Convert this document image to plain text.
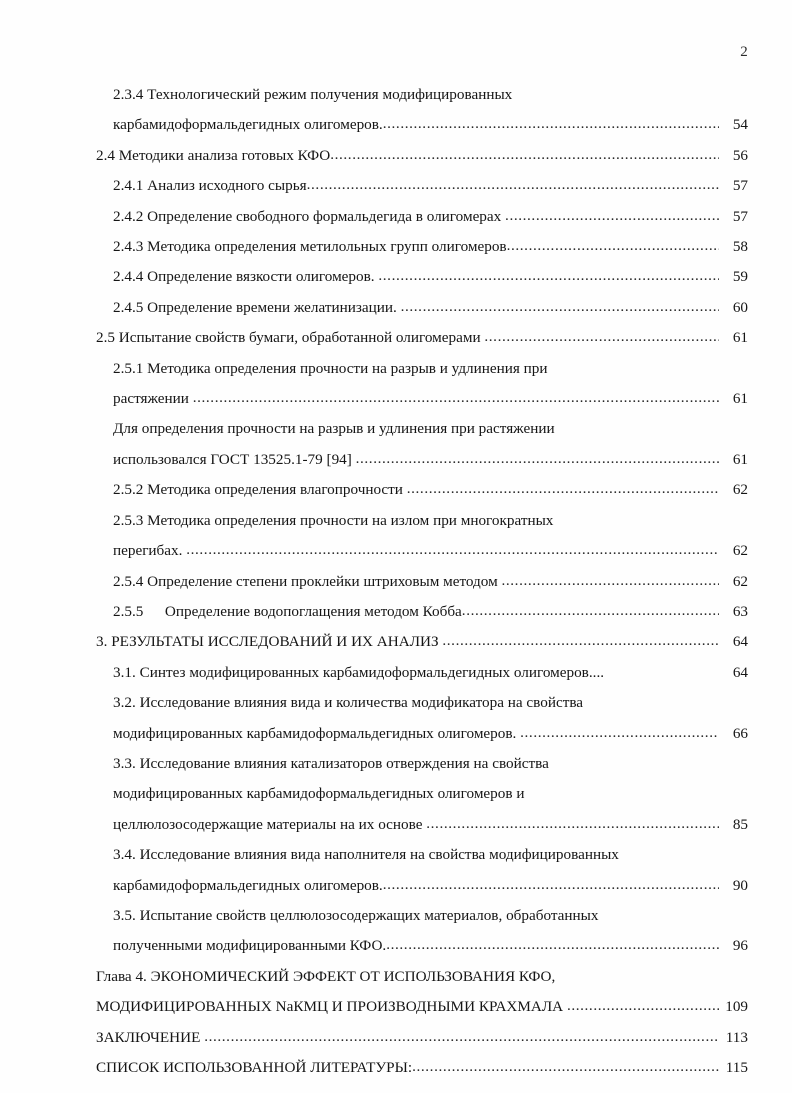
2
2.3.4 Технологический режим получения модифицированных
карбамидоформальдегидных олигомеров. .....	54
2.4 Методики анализа готовых КФО .....	56
2.4.1 Анализ исходного сырья .....	57
2.4.2 Определение свободного формальдегида в олигомерах .....	57
2.4.3 Методика определения метилольных групп олигомеров .....	58
2.4.4 Определение вязкости олигомеров. .....	59
2.4.5 Определение времени желатинизации. .....	60
2.5 Испытание свойств бумаги, обработанной олигомерами .....	61
2.5.1 Методика определения прочности на разрыв и удлинения при
растяжении .....	61
Для определения прочности на разрыв и удлинения при растяжении
использовался ГОСТ 13525.1-79 [94] .....	61
2.5.2 Методика определения влагопрочности .....	62
2.5.3 Методика определения прочности на излом при многократных
перегибах. .....	62
2.5.4 Определение степени проклейки штриховым методом .....	62
2.5.5 Определение водопоглащения методом Кобба .....	63
3. РЕЗУЛЬТАТЫ ИССЛЕДОВАНИЙ И ИХ АНАЛИЗ .....	64
3.1. Синтез модифицированных карбамидоформальдегидных олигомеров....	64
3.2. Исследование влияния вида и количества модификатора на свойства
модифицированных карбамидоформальдегидных олигомеров. .....	66
3.3. Исследование влияния катализаторов отверждения на свойства
модифицированных карбамидоформальдегидных олигомеров и
целлюлозосодержащие материалы на их основе .....	85
3.4. Исследование влияния вида наполнителя на свойства модифицированных
карбамидоформальдегидных олигомеров. .....	90
3.5. Испытание свойств целлюлозосодержащих материалов, обработанных
полученными модифицированными КФО. .....	96
Глава 4. ЭКОНОМИЧЕСКИЙ ЭФФЕКТ ОТ ИСПОЛЬЗОВАНИЯ КФО,
МОДИФИЦИРОВАННЫХ NaКМЦ И ПРОИЗВОДНЫМИ КРАХМАЛА .....	109
ЗАКЛЮЧЕНИЕ .....	113
СПИСОК ИСПОЛЬЗОВАННОЙ ЛИТЕРАТУРЫ: .....	115
